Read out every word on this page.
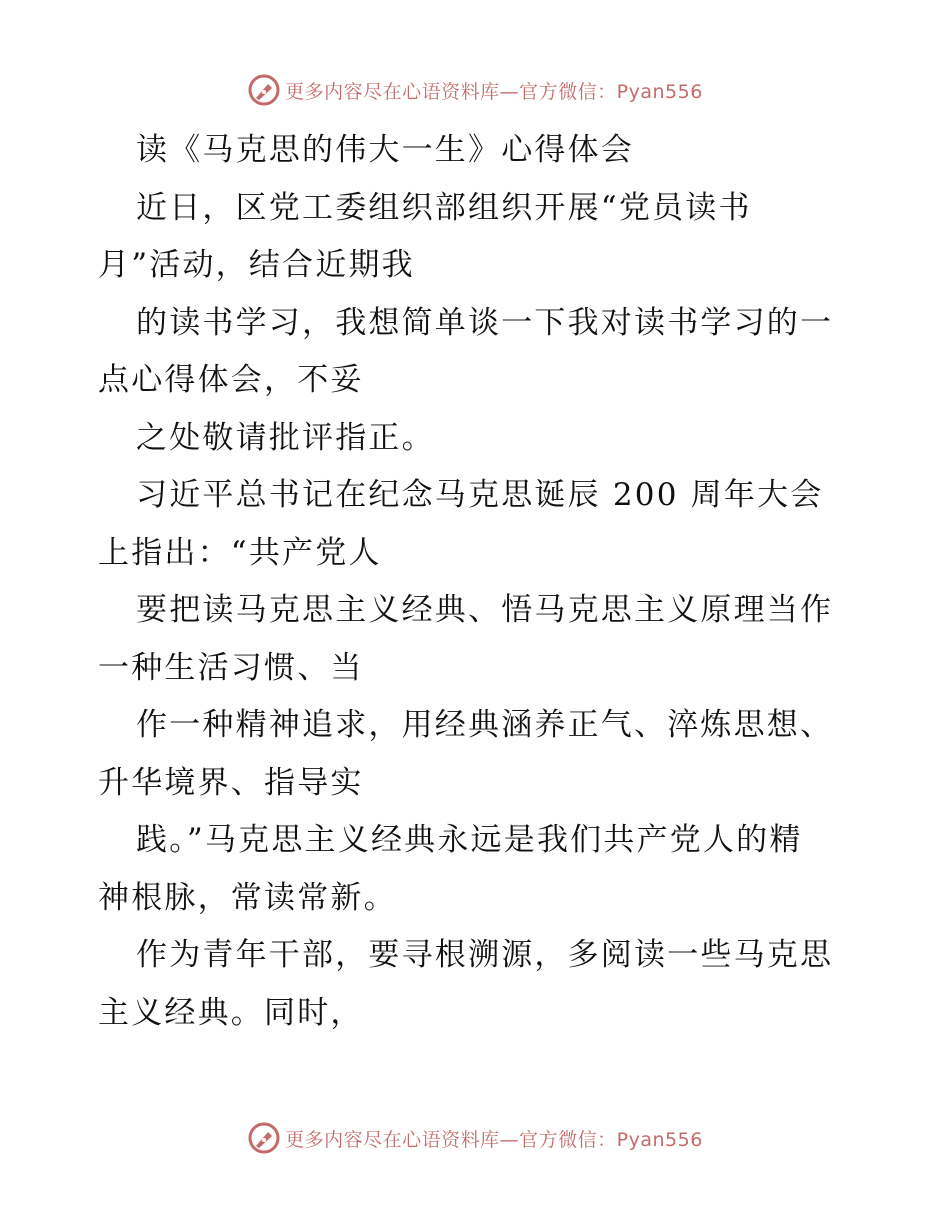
更多内容尽在心语资料库—官方微信：Pyan556
读《马克思的伟大一生》心得体会
近日，区党工委组织部组织开展“党员读书
月”活动，结合近期我
的读书学习，我想简单谈一下我对读书学习的一
点心得体会，不妥
之处敬请批评指正。
习近平总书记在纪念马克思诞辰 200 周年大会
上指出：“共产党人
要把读马克思主义经典、悟马克思主义原理当作
一种生活习惯、当
作一种精神追求，用经典涵养正气、淬炼思想、
升华境界、指导实
践。”马克思主义经典永远是我们共产党人的精
神根脉，常读常新。
作为青年干部，要寻根溯源，多阅读一些马克思
主义经典。同时，
更多内容尽在心语资料库—官方微信：Pyan556
